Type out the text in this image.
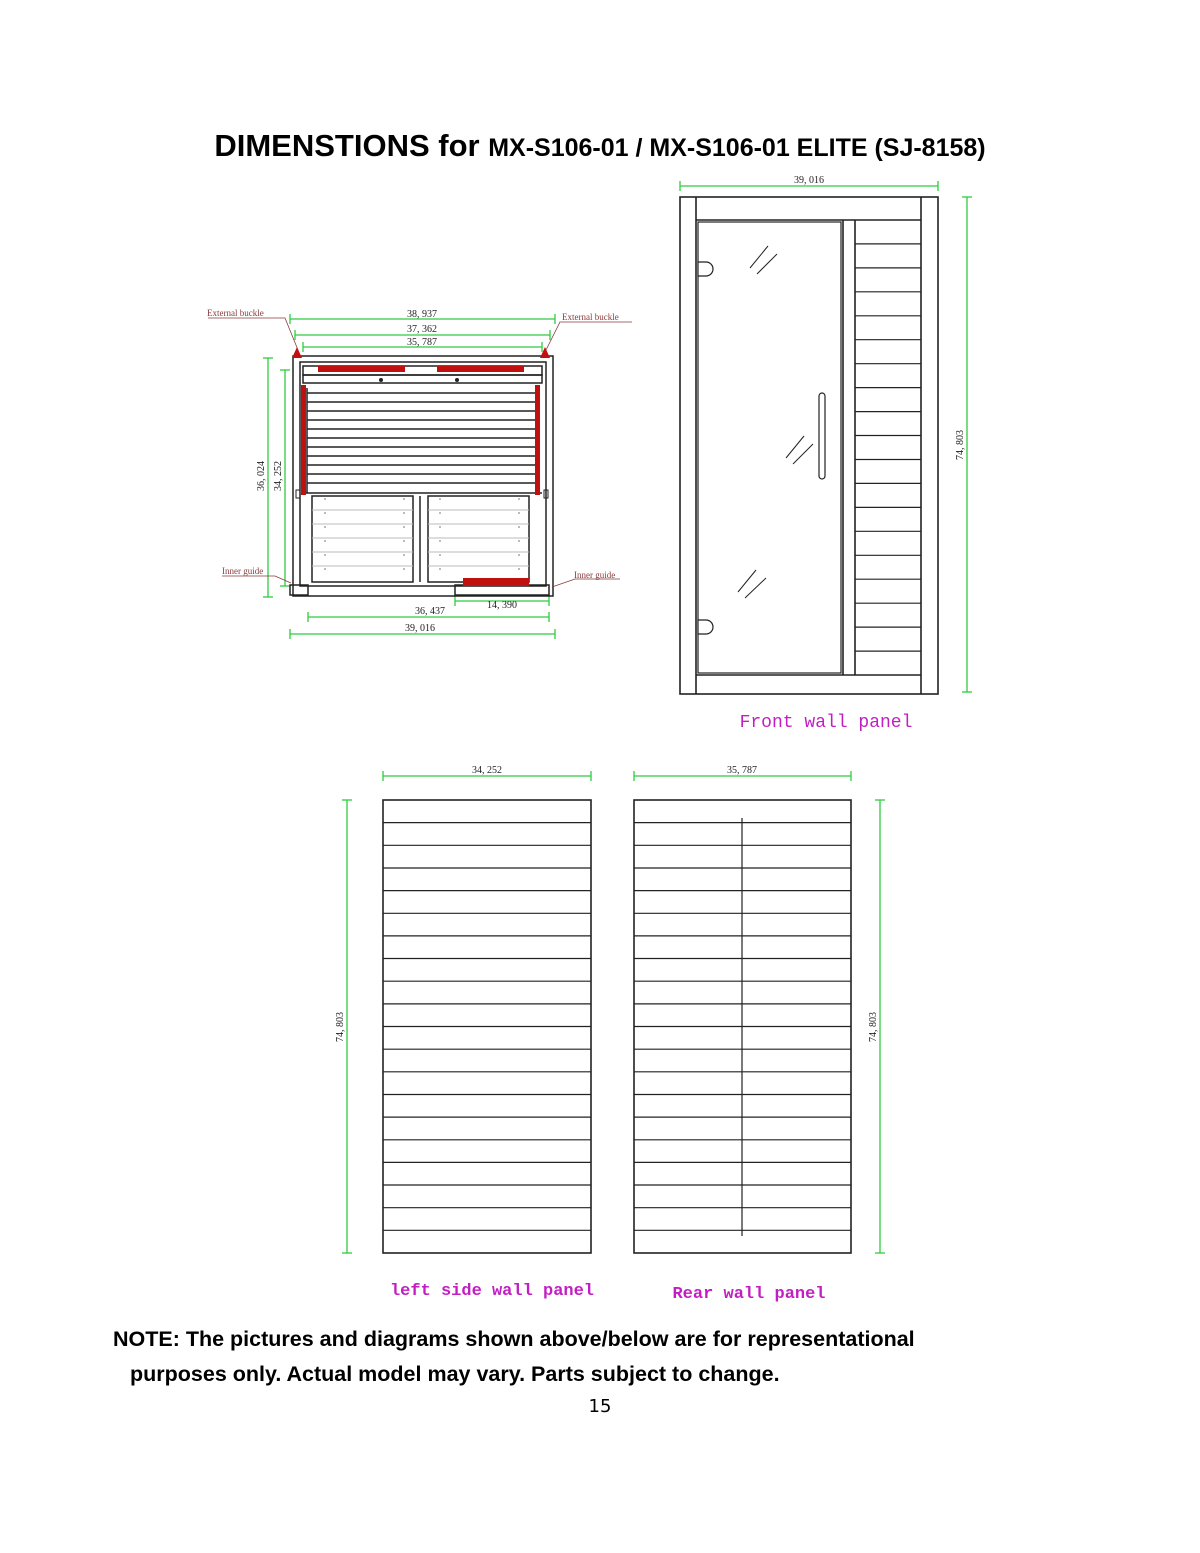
DIMENSTIONS for MX-S106-01 / MX-S106-01 ELITE (SJ-8158)
38, 937
37, 362
35, 787
36, 024 34, 252
36, 437
14, 390
39, 016
External buckle	External buckle
Inner guide	Inner guide
39, 016
74, 803
Front wall panel
34, 252
74, 803
left side wall panel
35, 787
74, 803
Rear wall panel
NOTE: The pictures and diagrams shown above/below are for representational
purposes only. Actual model may vary. Parts subject to change.
15
